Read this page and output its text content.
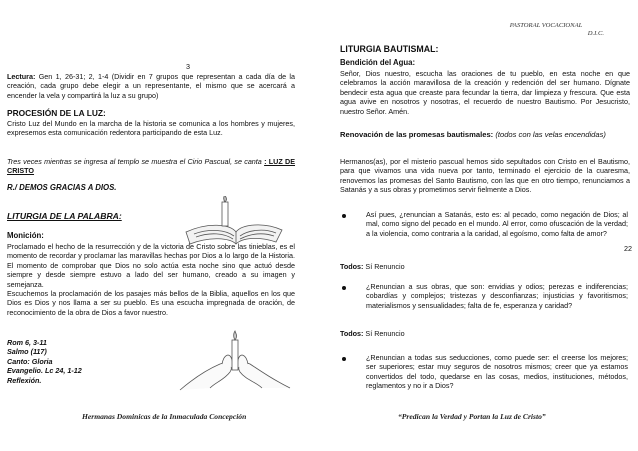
PASTORAL VOCACIONAL
D.I.C.
3

Lectura: Gen 1, 26-31; 2, 1-4 (Dividir en 7 grupos que representan a cada día de la creación, cada grupo debe elegir a un representante, el mismo que se acercará a encender la vela y compartirá la luz a su grupo)

PROCESIÓN DE LA LUZ:

Cristo Luz del Mundo en la marcha de la historia se comunica a los hombres y mujeres, expresemos esta comunicación redentora participando de esta Luz.

Tres veces mientras se ingresa al templo se muestra el Cirio Pascual, se canta : LUZ DE CRISTO

R./ DEMOS GRACIAS A DIOS.

LITURGIA DE LA PALABRA:

Monición:

Proclamado el hecho de la resurrección y de la victoria de Cristo sobre las tinieblas, es el momento de recordar y proclamar las maravillas hechas por Dios a lo largo de la Historia. El momento de comprobar que Dios no solo actúa esta noche sino que actuó desde siempre y desde siempre estuvo a lado del ser humano, creado a su imagen y semejanza.

Escuchemos la proclamación de los pasajes más bellos de la Biblia, aquellos en los que Dios es Dios y nos llama a ser su pueblo. Es una escucha impregnada de oración, de reconocimiento de la obra de Dios a favor nuestro.

Rom 6, 3-11
Salmo (117)
Canto: Gloria
Evangelio. Lc 24, 1-12
Reflexión.
Hermanas Dominicas de la Inmaculada Concepción

LITURGIA BAUTISMAL:

Bendición del Agua:

Señor, Dios nuestro, escucha las oraciones de tu pueblo, en esta noche en que celebramos la acción maravillosa de la creación y redención del ser humano. Dígnate bendecir esta agua que creaste para fecundar la tierra, dar limpieza y frescura. Que esta agua avive en nosotros y nosotras, el recuerdo de nuestro Bautismo. Por Jesucristo, nuestro Señor. Amén.

Renovación de las promesas bautismales: (todos con las velas encendidas)

Hermanos(as), por el misterio pascual hemos sido sepultados con Cristo en el Bautismo, para que vivamos una vida nueva por tanto, terminado el ejercicio de la cuaresma, renovemos las promesas del Santo Bautismo, con las que en otro tiempo, renunciamos a Satanás y a sus obras y prometimos servir fielmente a Dios.

Así pues, ¿renuncian a Satanás, esto es: al pecado, como negación de Dios; al mal, como signo del pecado en el mundo. Al error, como ofuscación de la verdad; a la violencia, como contraria a la caridad, al egoísmo, como falta de amor?

22

Todos: Sí Renuncio

¿Renuncian a sus obras, que son: envidias y odios; perezas e indiferencias; cobardías y complejos; tristezas y desconfianzas; injusticias y favoritismos; materialismos y sensualidades; falta de fe, esperanza y caridad?

Todos: Sí Renuncio

¿Renuncian a todas sus seducciones, como puede ser: el creerse los mejores; ser superiores; estar muy seguros de nosotros mismos; creer que ya estamos convertidos del todo, quedarse en las cosas, medios, instituciones, métodos, reglamentos y no ir a Dios?

“Predican la Verdad y Portan la Luz de Cristo”
